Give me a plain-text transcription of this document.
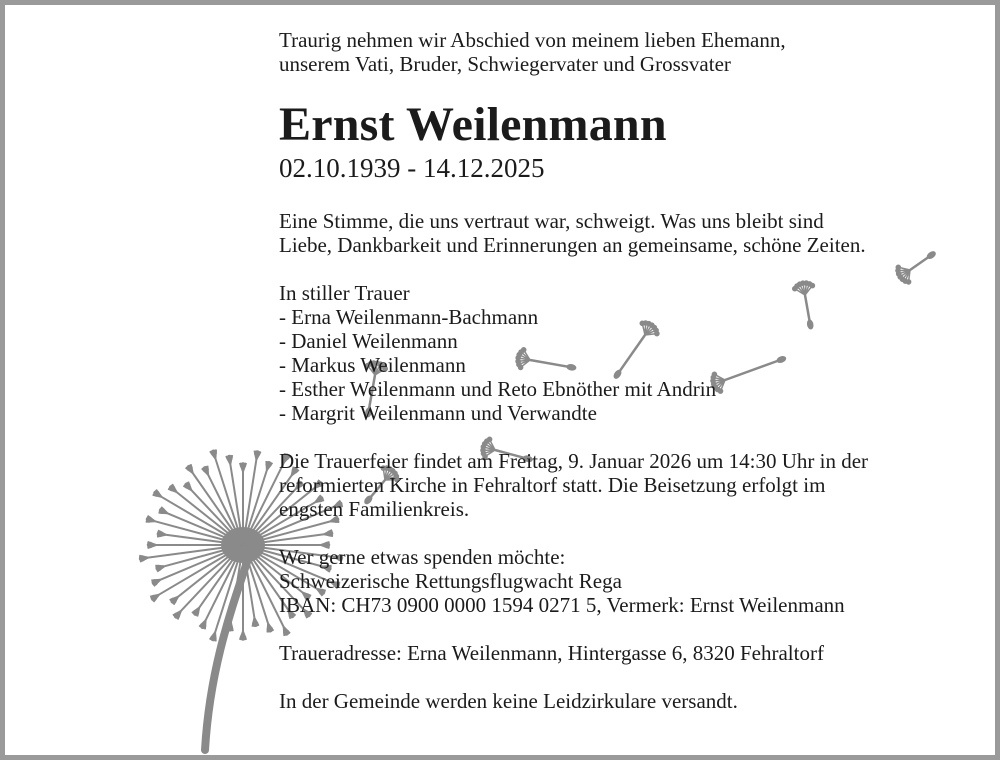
Traurig nehmen wir Abschied von meinem lieben Ehemann,
unserem Vati, Bruder, Schwiegervater und Grossvater
Ernst Weilenmann
02.10.1939 - 14.12.2025
Eine Stimme, die uns vertraut war, schweigt. Was uns bleibt sind
Liebe, Dankbarkeit und Erinnerungen an gemeinsame, schöne Zeiten.
In stiller Trauer
- Erna Weilenmann-Bachmann
- Daniel Weilenmann
- Markus Weilenmann
- Esther Weilenmann und Reto Ebnöther mit Andrin
- Margrit Weilenmann und Verwandte
Die Trauerfeier findet am Freitag, 9. Januar 2026 um 14:30 Uhr in der
reformierten Kirche in Fehraltorf statt. Die Beisetzung erfolgt im
engsten Familienkreis.
Wer gerne etwas spenden möchte:
Schweizerische Rettungsflugwacht Rega
IBAN: CH73 0900 0000 1594 0271 5, Vermerk: Ernst Weilenmann
Traueradresse: Erna Weilenmann, Hintergasse 6, 8320 Fehraltorf
In der Gemeinde werden keine Leidzirkulare versandt.
